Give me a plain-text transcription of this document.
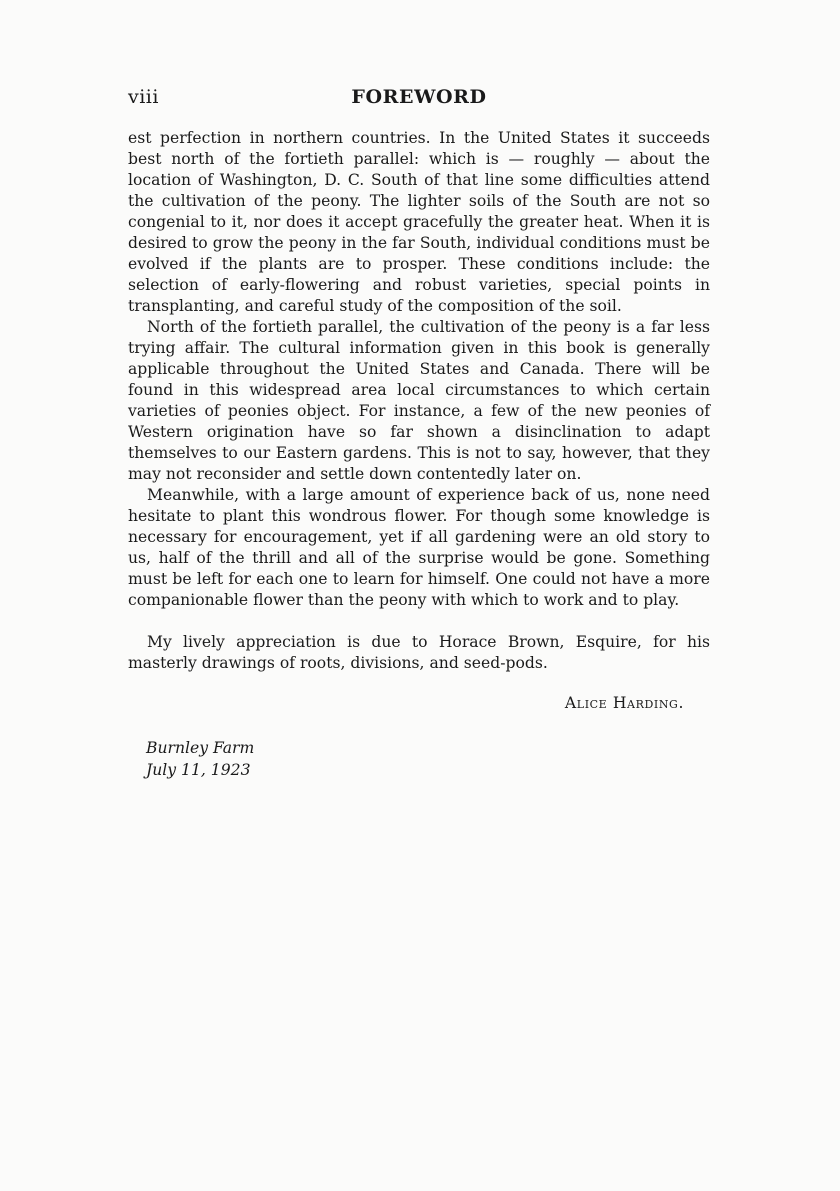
viii	FOREWORD

est perfection in northern countries. In the United States it succeeds best north of the fortieth parallel: which is — roughly — about the location of Washington, D. C. South of that line some difficulties attend the cultivation of the peony. The lighter soils of the South are not so congenial to it, nor does it accept gracefully the greater heat. When it is desired to grow the peony in the far South, individual conditions must be evolved if the plants are to prosper. These conditions include: the selection of early-flowering and robust varieties, special points in transplanting, and careful study of the composition of the soil.

North of the fortieth parallel, the cultivation of the peony is a far less trying affair. The cultural information given in this book is generally applicable throughout the United States and Canada. There will be found in this widespread area local circumstances to which certain varieties of peonies object. For instance, a few of the new peonies of Western origination have so far shown a disinclination to adapt themselves to our Eastern gardens. This is not to say, however, that they may not reconsider and settle down contentedly later on.

Meanwhile, with a large amount of experience back of us, none need hesitate to plant this wondrous flower. For though some knowledge is necessary for encouragement, yet if all gardening were an old story to us, half of the thrill and all of the surprise would be gone. Something must be left for each one to learn for himself. One could not have a more companionable flower than the peony with which to work and to play.

My lively appreciation is due to Horace Brown, Esquire, for his masterly drawings of roots, divisions, and seed-pods.

Alice Harding.
Burnley Farm
July 11, 1923
